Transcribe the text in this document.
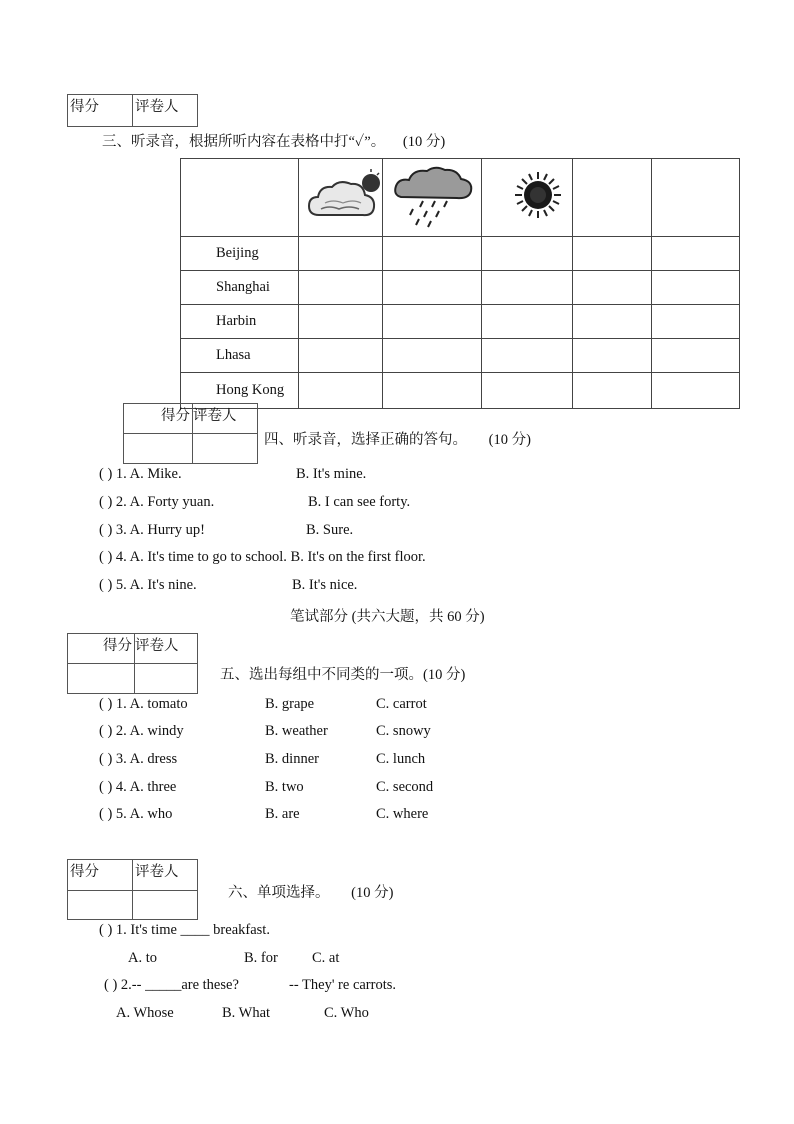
得分	评卷人
三、听录音，根据所听内容在表格中打“✓”。 (10 分)

Beijing					
Shanghai					
Harbin					
Lhasa					
Hong Kong					
得分	评卷人

四、听录音，选择正确的答句。 (10 分)
( ) 1. A. Mike.	B. It's mine.
( ) 2. A. Forty yuan.	B. I can see forty.
( ) 3. A. Hurry up!	B. Sure.
( ) 4. A. It's time to go to school. B. It's on the first floor.
( ) 5. A. It's nine.	B. It's nice.
笔试部分 (共六大题，共 60 分)
得分	评卷人

五、选出每组中不同类的一项。(10 分)
( ) 1. A. tomato	B. grape	C. carrot
( ) 2. A. windy	B. weather	C. snowy
( ) 3. A. dress	B. dinner	C. lunch
( ) 4. A. three	B. two	C. second
( ) 5. A. who	B. are	C. where
得分	评卷人

六、单项选择。 (10 分)
( ) 1. It's time ____ breakfast.
A. to	B. for C. at
( ) 2.-- _____are these?	-- They' re carrots.
A. Whose	B. What	C. Who
